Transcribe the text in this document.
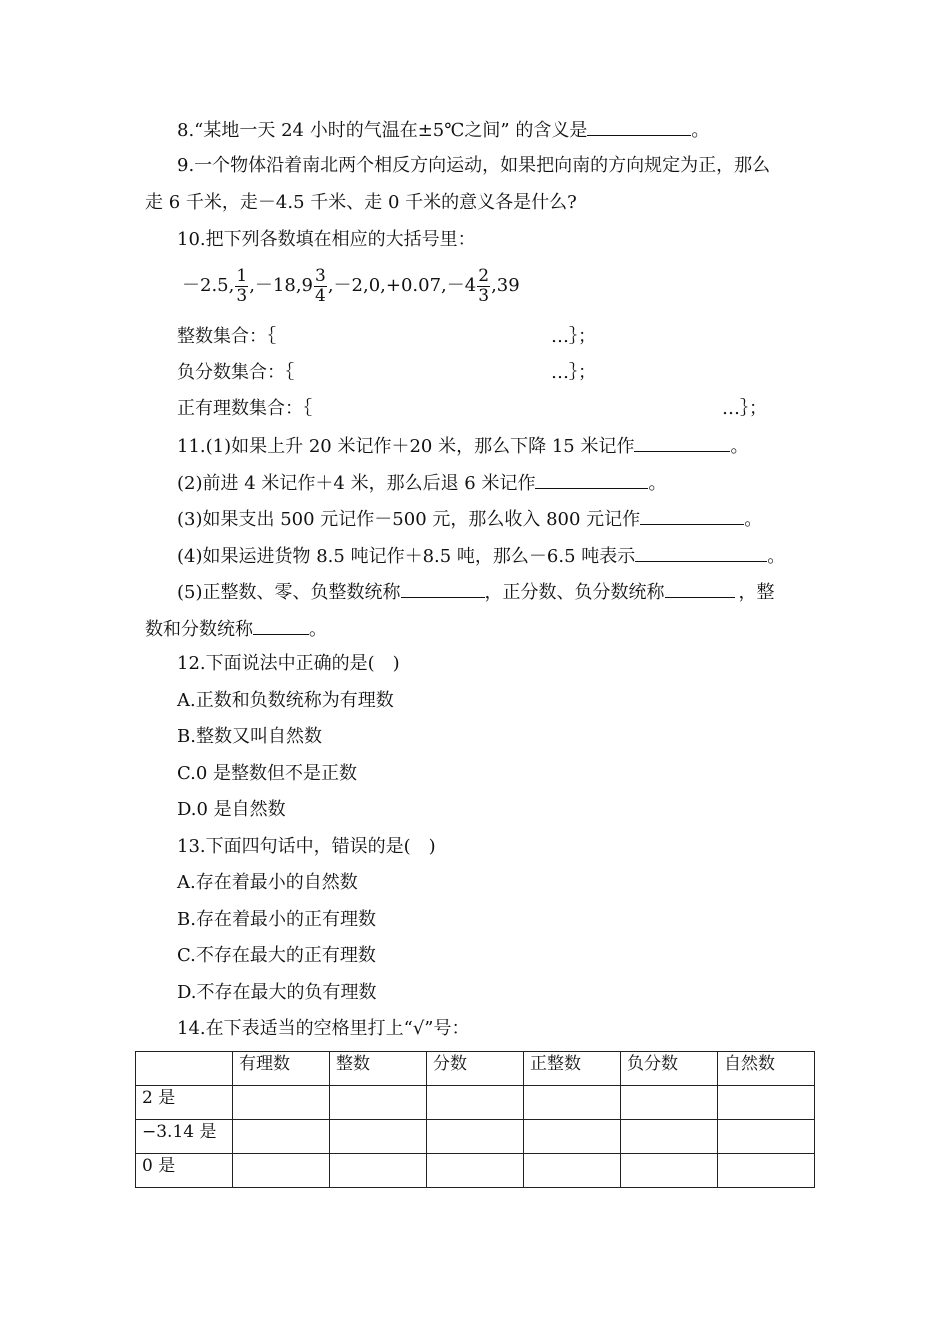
8.“某地一天 24 小时的气温在±5℃之间” 的含义是	。
9.一个物体沿着南北两个相反方向运动，如果把向南的方向规定为正，那么
走 6 千米，走－4.5 千米、走 0 千米的意义各是什么?
10.把下列各数填在相应的大括号里：
－2.5, $\frac{1}{3} ,-18,9 \frac{3}{4} ,-2,0,+0.07,-4 \frac{2}{3} ,39$
整数集合：｛	…｝；
负分数集合：｛	…｝；
正有理数集合：｛	…｝；
11.(1)如果上升 20 米记作＋20 米，那么下降 15 米记作	。
(2)前进 4 米记作＋4 米，那么后退 6 米记作	。
(3)如果支出 500 元记作－500 元，那么收入 800 元记作	。
(4)如果运进货物 8.5 吨记作＋8.5 吨，那么－6.5 吨表示	。
(5)正整数、零、负整数统称	，正分数、负分数统称	，整
数和分数统称	。
12.下面说法中正确的是(　)
A.正数和负数统称为有理数
B.整数又叫自然数
C.0 是整数但不是正数
D.0 是自然数
13.下面四句话中，错误的是(　)
A.存在着最小的自然数
B.存在着最小的正有理数
C.不存在最大的正有理数
D.不存在最大的负有理数
14.在下表适当的空格里打上“√”号：
	有理数	整数	分数	正整数	负分数	自然数
2 是						
−3.14 是						
0 是						
